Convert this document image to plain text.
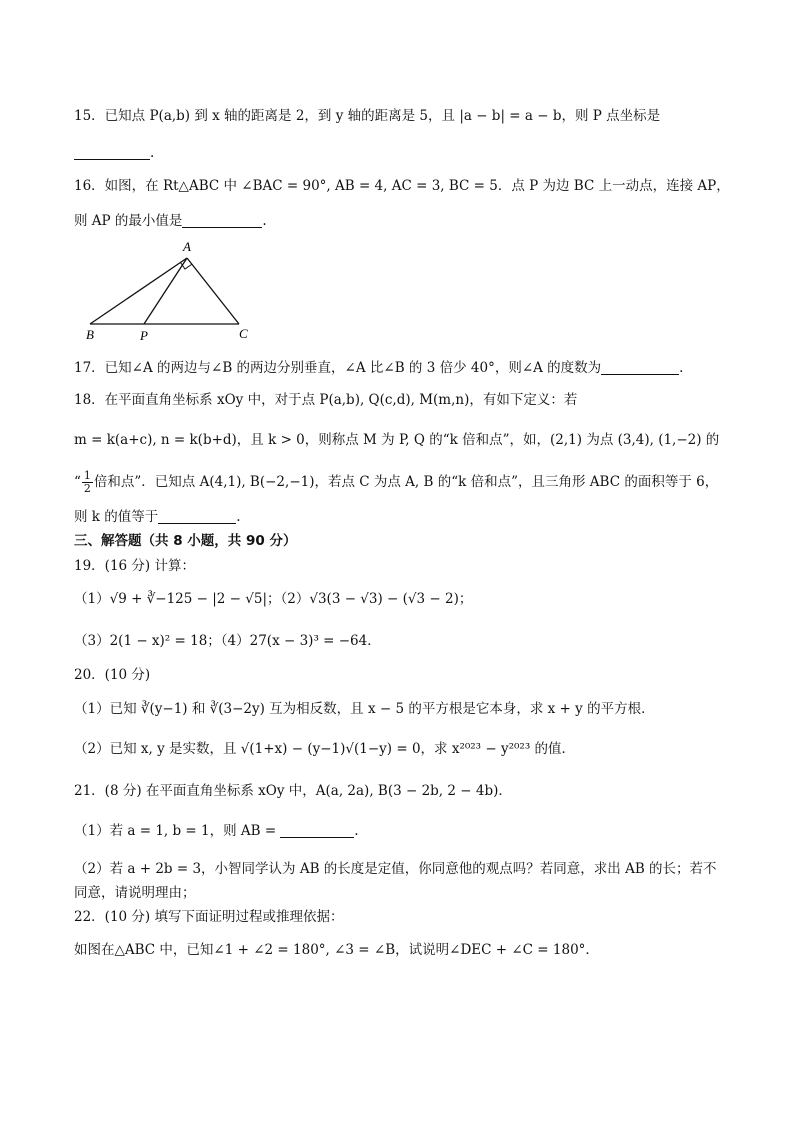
15．已知点 P(a,b) 到 x 轴的距离是 2，到 y 轴的距离是 5，且 |a − b| = a − b，则 P 点坐标是
.
16．如图，在 Rt△ABC 中 ∠BAC = 90°, AB = 4, AC = 3, BC = 5．点 P 为边 BC 上一动点，连接 AP，
则 AP 的最小值是	.
A
B	P	C
17．已知∠A 的两边与∠B 的两边分别垂直，∠A 比∠B 的 3 倍少 40°，则∠A 的度数为	.
18．在平面直角坐标系 xOy 中，对于点 P(a,b), Q(c,d), M(m,n)，有如下定义：若
m = k(a+c), n = k(b+d)，且 k > 0，则称点 M 为 P, Q 的“k 倍和点”，如，(2,1) 为点 (3,4), (1,−2) 的
“ $\frac{1}{2}$ 倍和点”．已知点 A(4,1), B(−2,−1)，若点 C 为点 A, B 的“k 倍和点”，且三角形 ABC 的面积等于 6，
则 k 的值等于	.
三、解答题（共 8 小题，共 90 分）
19．(16 分) 计算：
（1）√9 + ∛−125 − |2 − √5|；（2）√3(3 − √3) − (√3 − 2)；
（3）2(1 − x)² = 18；（4）27(x − 3)³ = −64．
20．(10 分)
（1）已知 ∛(y−1) 和 ∛(3−2y) 互为相反数，且 x − 5 的平方根是它本身，求 x + y 的平方根．
（2）已知 x, y 是实数，且 √(1+x) − (y−1)√(1−y) = 0，求 x²⁰²³ − y²⁰²³ 的值．
21．(8 分) 在平面直角坐标系 xOy 中，A(a, 2a), B(3 − 2b, 2 − 4b)．
（1）若 a = 1, b = 1，则 AB =	.
（2）若 a + 2b = 3，小智同学认为 AB 的长度是定值，你同意他的观点吗？若同意，求出 AB 的长；若不
同意，请说明理由；
22．(10 分) 填写下面证明过程或推理依据：
如图在△ABC 中，已知∠1 + ∠2 = 180°, ∠3 = ∠B，试说明∠DEC + ∠C = 180°．
